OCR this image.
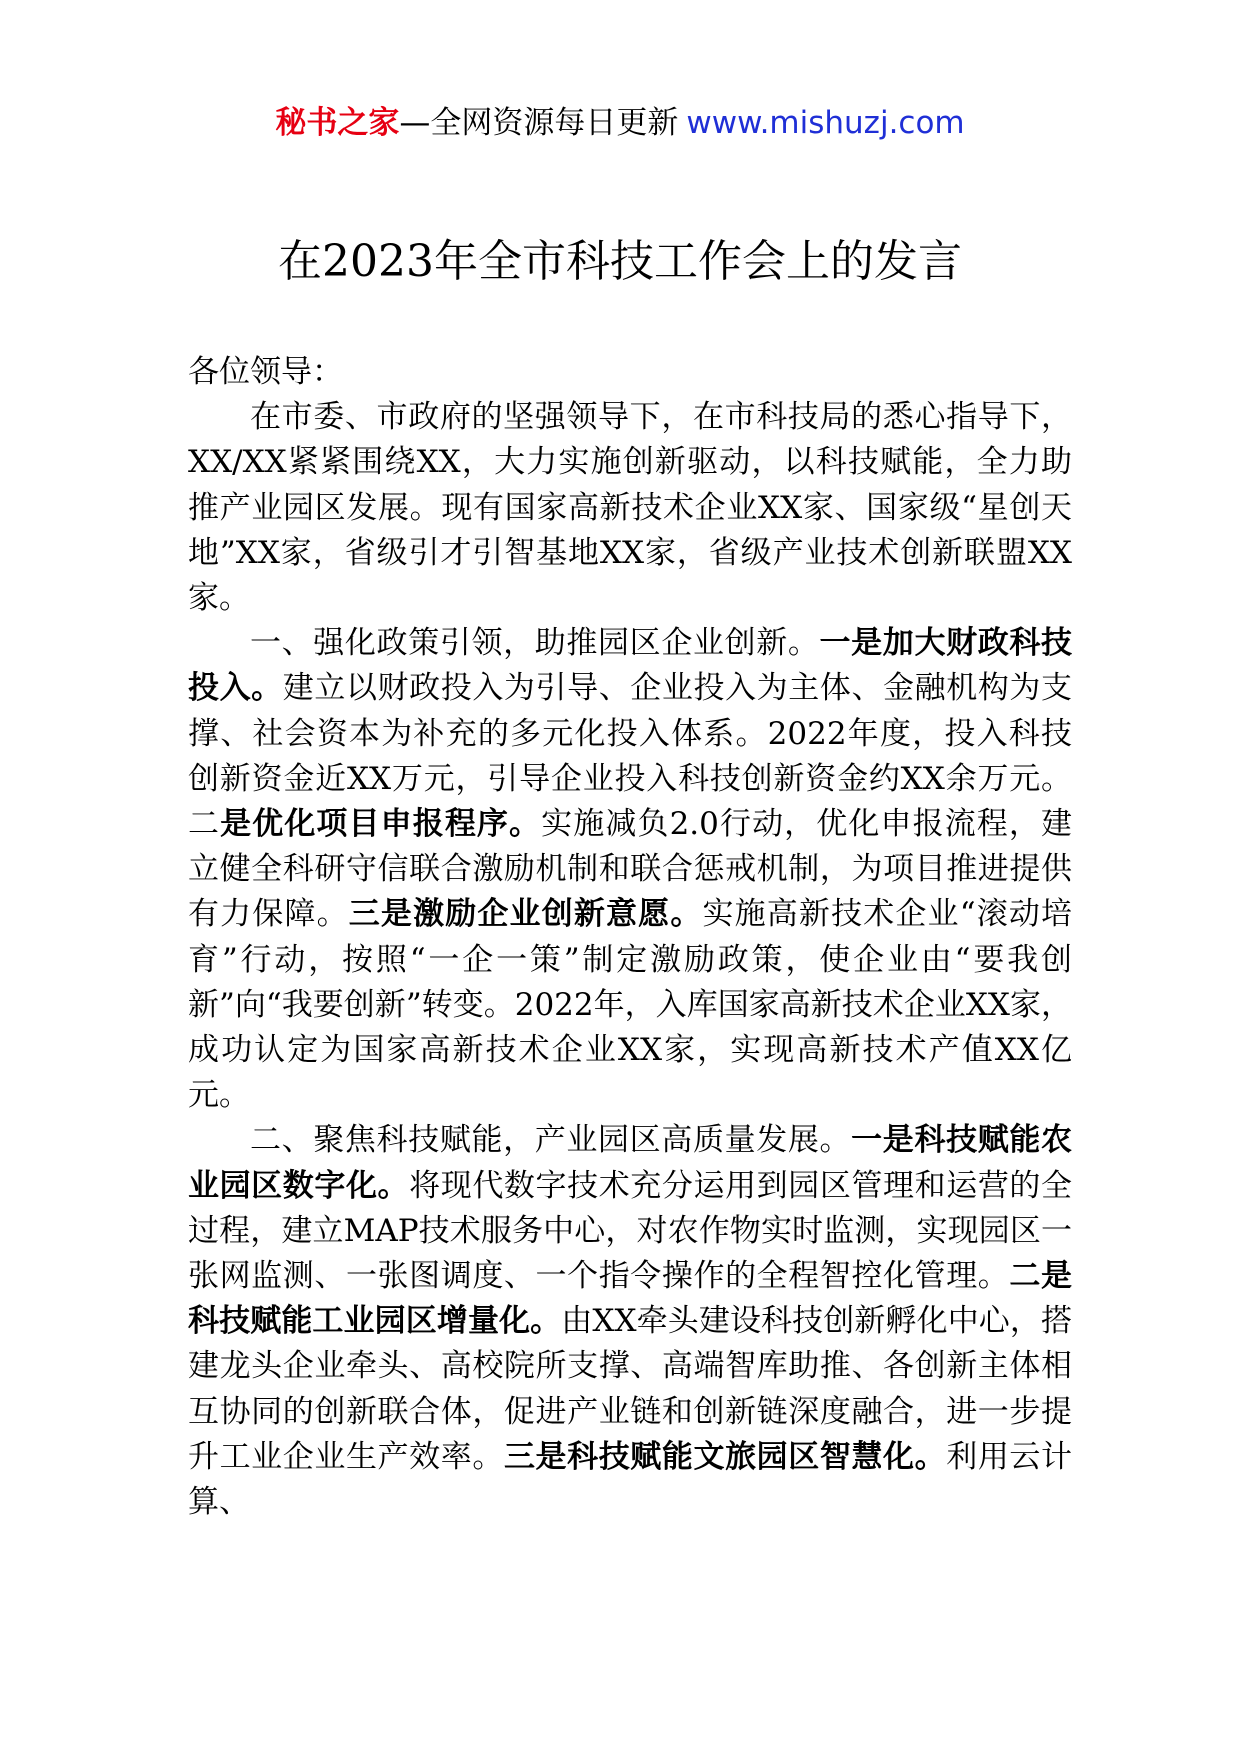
秘书之家—全网资源每日更新 www.mishuzj.com
在2023年全市科技工作会上的发言

各位领导：

在市委、市政府的坚强领导下，在市科技局的悉心指导下，XX/XX紧紧围绕XX，大力实施创新驱动，以科技赋能，全力助推产业园区发展。现有国家高新技术企业XX家、国家级“星创天地”XX家，省级引才引智基地XX家，省级产业技术创新联盟XX家。

一、强化政策引领，助推园区企业创新。一是加大财政科技投入。建立以财政投入为引导、企业投入为主体、金融机构为支撑、社会资本为补充的多元化投入体系。2022年度，投入科技创新资金近XX万元，引导企业投入科技创新资金约XX余万元。二是优化项目申报程序。实施减负2.0行动，优化申报流程，建立健全科研守信联合激励机制和联合惩戒机制，为项目推进提供有力保障。三是激励企业创新意愿。实施高新技术企业“滚动培育”行动，按照“一企一策”制定激励政策，使企业由“要我创新”向“我要创新”转变。2022年，入库国家高新技术企业XX家，成功认定为国家高新技术企业XX家，实现高新技术产值XX亿元。

二、聚焦科技赋能，产业园区高质量发展。一是科技赋能农业园区数字化。将现代数字技术充分运用到园区管理和运营的全过程，建立MAP技术服务中心，对农作物实时监测，实现园区一张网监测、一张图调度、一个指令操作的全程智控化管理。二是科技赋能工业园区增量化。由XX牵头建设科技创新孵化中心，搭建龙头企业牵头、高校院所支撑、高端智库助推、各创新主体相互协同的创新联合体，促进产业链和创新链深度融合，进一步提升工业企业生产效率。三是科技赋能文旅园区智慧化。利用云计算、
